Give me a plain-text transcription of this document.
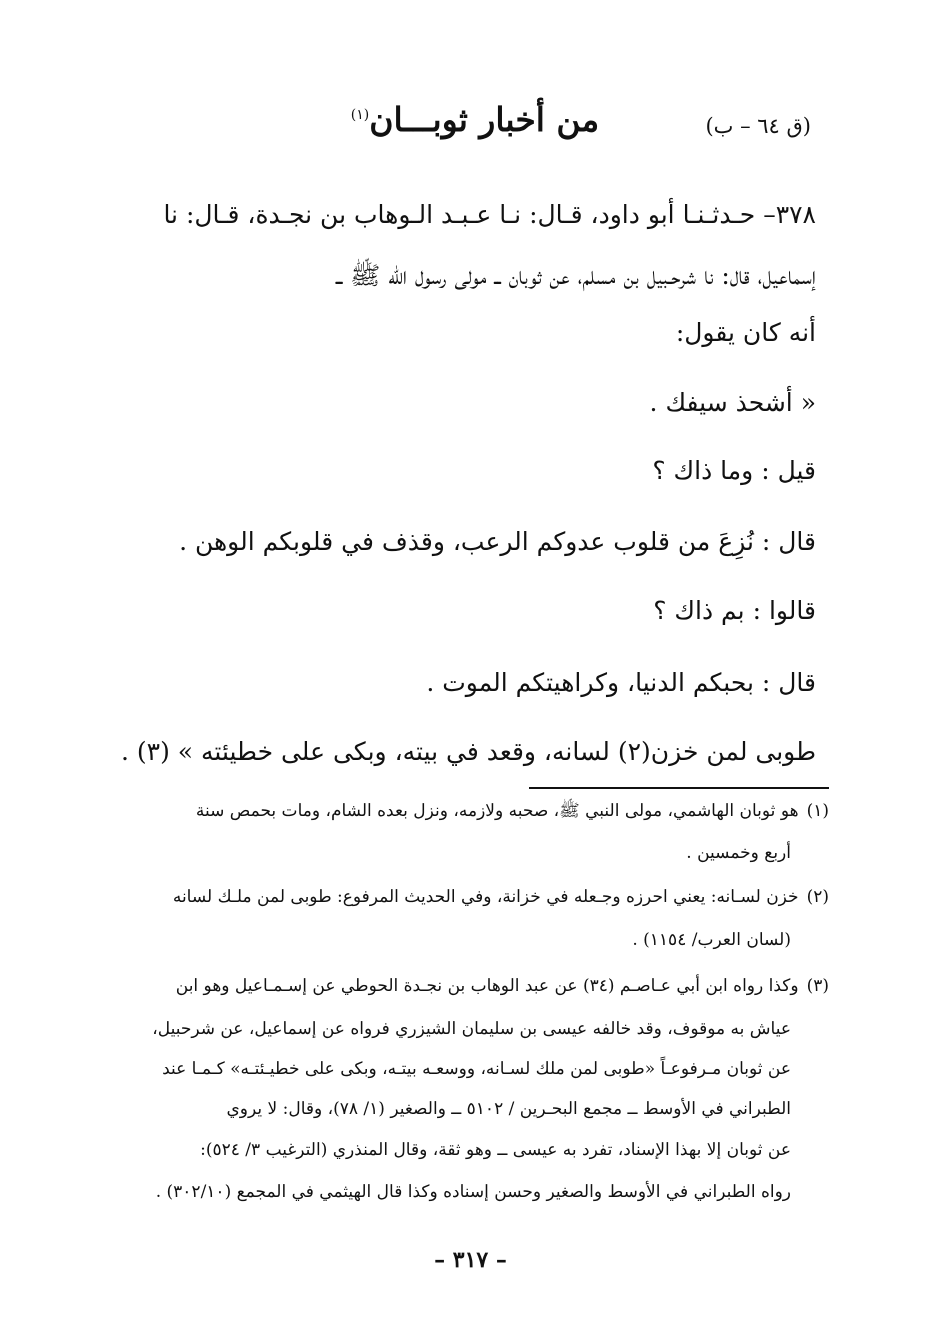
(ق ٦٤ – ب)
من أخبار ثوبـــان$^{(١)}$
٣٧٨– حـدثـنـا أبو داود، قـال: نـا عـبـد الـوهاب بن نجـدة، قـال: نا
إسماعيل، قال: نا شرحـبيل بن مسلم، عن ثوبان ــ مولى رسول الله ﷺ ــ
أنه كان يقول:
« أشحذ سيفك .
قيل : وما ذاك ؟
قال : نُزِعَ من قلوب عدوكم الرعب، وقذف في قلوبكم الوهن .
قالوا : بم ذاك ؟
قال : بحبكم الدنيا، وكراهيتكم الموت .
طوبى لمن خزن(٢) لسانه، وقعد في بيته، وبكى على خطيئته » (٣) .
(١)هو ثوبان الهاشمي، مولى النبي ﷺ، صحبه ولازمه، ونزل بعده الشام، ومات بحمص سنة
أربع وخمسين .
(٢)خزن لسـانه: يعني احرزه وجـعله في خزانة، وفي الحديث المرفوع: طوبى لمن ملـك لسانه
(لسان العرب/ ١١٥٤) .
(٣)وكذا رواه ابن أبي عـاصـم (٣٤) عن عبد الوهاب بن نجـدة الحوطي عن إسـمـاعيل وهو ابن
عياش به موقوف، وقد خالفه عيسى بن سليمان الشيزري فرواه عن إسماعيل، عن شرحبيل،
عن ثوبان مـرفوعـاً «طوبى لمن ملك لسـانه، ووسعـه بيتـه، وبكى على خطيـئتـه» كـمـا عند
الطبراني في الأوسط ــ مجمع البحـرين / ٥١٠٢ ــ والصغير (١/ ٧٨)، وقال: لا يروي
عن ثوبان إلا بهذا الإسناد، تفرد به عيسى ــ وهو ثقة، وقال المنذري (الترغيب ٣/ ٥٢٤):
رواه الطبراني في الأوسط والصغير وحسن إسناده وكذا قال الهيثمي في المجمع (٣٠٢/١٠) .
– ٣١٧ –
